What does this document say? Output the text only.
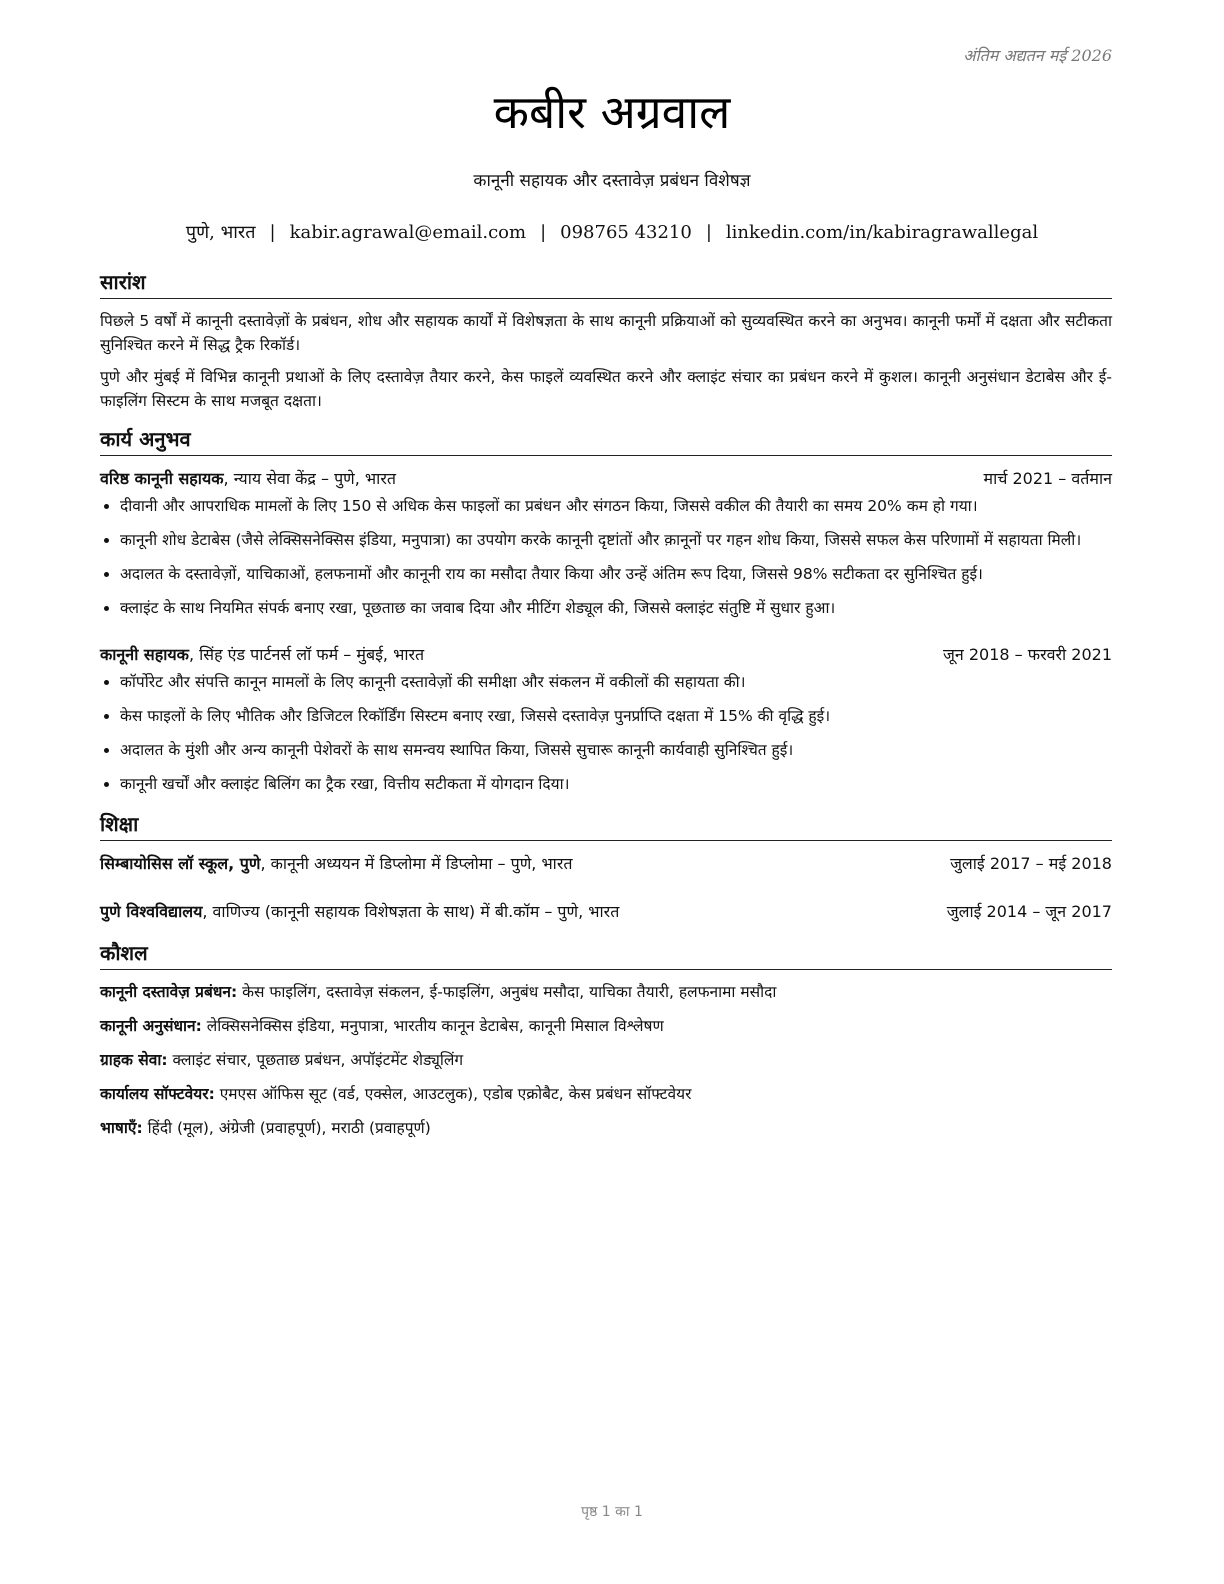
अंतिम अद्यतन मई 2026
कबीर अग्रवाल
कानूनी सहायक और दस्तावेज़ प्रबंधन विशेषज्ञ
पुणे, भारत | kabir.agrawal@email.com | 098765 43210 | linkedin.com/in/kabiragrawallegal
सारांश

पिछले 5 वर्षों में कानूनी दस्तावेज़ों के प्रबंधन, शोध और सहायक कार्यों में विशेषज्ञता के साथ कानूनी प्रक्रियाओं को सुव्यवस्थित करने का अनुभव। कानूनी फर्मों में दक्षता और सटीकता सुनिश्चित करने में सिद्ध ट्रैक रिकॉर्ड।

पुणे और मुंबई में विभिन्न कानूनी प्रथाओं के लिए दस्तावेज़ तैयार करने, केस फाइलें व्यवस्थित करने और क्लाइंट संचार का प्रबंधन करने में कुशल। कानूनी अनुसंधान डेटाबेस और ई-फाइलिंग सिस्टम के साथ मजबूत दक्षता।

कार्य अनुभव
वरिष्ठ कानूनी सहायक, न्याय सेवा केंद्र – पुणे, भारत	मार्च 2021 – वर्तमान
• दीवानी और आपराधिक मामलों के लिए 150 से अधिक केस फाइलों का प्रबंधन और संगठन किया, जिससे वकील की तैयारी का समय 20% कम हो गया।
• कानूनी शोध डेटाबेस (जैसे लेक्सिसनेक्सिस इंडिया, मनुपात्रा) का उपयोग करके कानूनी दृष्टांतों और क़ानूनों पर गहन शोध किया, जिससे सफल केस परिणामों में सहायता मिली।
• अदालत के दस्तावेज़ों, याचिकाओं, हलफनामों और कानूनी राय का मसौदा तैयार किया और उन्हें अंतिम रूप दिया, जिससे 98% सटीकता दर सुनिश्चित हुई।
• क्लाइंट के साथ नियमित संपर्क बनाए रखा, पूछताछ का जवाब दिया और मीटिंग शेड्यूल की, जिससे क्लाइंट संतुष्टि में सुधार हुआ।
कानूनी सहायक, सिंह एंड पार्टनर्स लॉ फर्म – मुंबई, भारत	जून 2018 – फरवरी 2021
• कॉर्पोरेट और संपत्ति कानून मामलों के लिए कानूनी दस्तावेज़ों की समीक्षा और संकलन में वकीलों की सहायता की।
• केस फाइलों के लिए भौतिक और डिजिटल रिकॉर्डिंग सिस्टम बनाए रखा, जिससे दस्तावेज़ पुनर्प्राप्ति दक्षता में 15% की वृद्धि हुई।
• अदालत के मुंशी और अन्य कानूनी पेशेवरों के साथ समन्वय स्थापित किया, जिससे सुचारू कानूनी कार्यवाही सुनिश्चित हुई।
• कानूनी खर्चों और क्लाइंट बिलिंग का ट्रैक रखा, वित्तीय सटीकता में योगदान दिया।
शिक्षा
सिम्बायोसिस लॉ स्कूल, पुणे, कानूनी अध्ययन में डिप्लोमा में डिप्लोमा – पुणे, भारत	जुलाई 2017 – मई 2018
पुणे विश्वविद्यालय, वाणिज्य (कानूनी सहायक विशेषज्ञता के साथ) में बी.कॉम – पुणे, भारत	जुलाई 2014 – जून 2017
कौशल
कानूनी दस्तावेज़ प्रबंधन: केस फाइलिंग, दस्तावेज़ संकलन, ई-फाइलिंग, अनुबंध मसौदा, याचिका तैयारी, हलफनामा मसौदा
कानूनी अनुसंधान: लेक्सिसनेक्सिस इंडिया, मनुपात्रा, भारतीय कानून डेटाबेस, कानूनी मिसाल विश्लेषण
ग्राहक सेवा: क्लाइंट संचार, पूछताछ प्रबंधन, अपॉइंटमेंट शेड्यूलिंग
कार्यालय सॉफ्टवेयर: एमएस ऑफिस सूट (वर्ड, एक्सेल, आउटलुक), एडोब एक्रोबैट, केस प्रबंधन सॉफ्टवेयर
भाषाएँ: हिंदी (मूल), अंग्रेजी (प्रवाहपूर्ण), मराठी (प्रवाहपूर्ण)
पृष्ठ 1 का 1
